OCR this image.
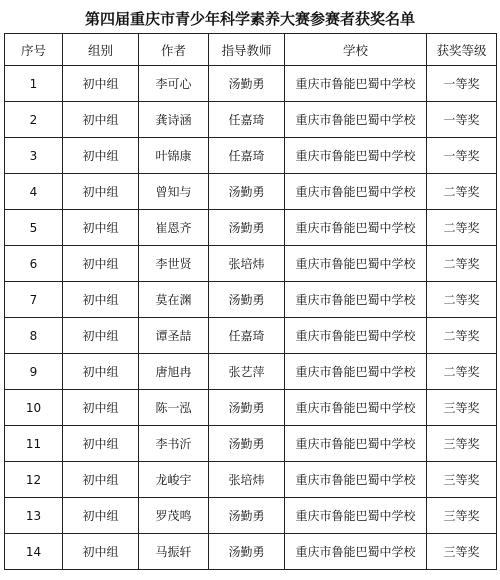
第四届重庆市青少年科学素养大赛参赛者获奖名单
序号	组别	作者	指导教师	学校	获奖等级
1	初中组	李可心	汤勤勇	重庆市鲁能巴蜀中学校	一等奖
2	初中组	龚诗涵	任嘉琦	重庆市鲁能巴蜀中学校	一等奖
3	初中组	叶锦康	任嘉琦	重庆市鲁能巴蜀中学校	一等奖
4	初中组	曾知与	汤勤勇	重庆市鲁能巴蜀中学校	二等奖
5	初中组	崔恩齐	汤勤勇	重庆市鲁能巴蜀中学校	二等奖
6	初中组	李世贤	张培炜	重庆市鲁能巴蜀中学校	二等奖
7	初中组	莫在渊	汤勤勇	重庆市鲁能巴蜀中学校	二等奖
8	初中组	谭圣喆	任嘉琦	重庆市鲁能巴蜀中学校	二等奖
9	初中组	唐旭冉	张艺萍	重庆市鲁能巴蜀中学校	二等奖
10	初中组	陈一泓	汤勤勇	重庆市鲁能巴蜀中学校	三等奖
11	初中组	李书沂	汤勤勇	重庆市鲁能巴蜀中学校	三等奖
12	初中组	龙峻宇	张培炜	重庆市鲁能巴蜀中学校	三等奖
13	初中组	罗茂鸣	汤勤勇	重庆市鲁能巴蜀中学校	三等奖
14	初中组	马振轩	汤勤勇	重庆市鲁能巴蜀中学校	三等奖
